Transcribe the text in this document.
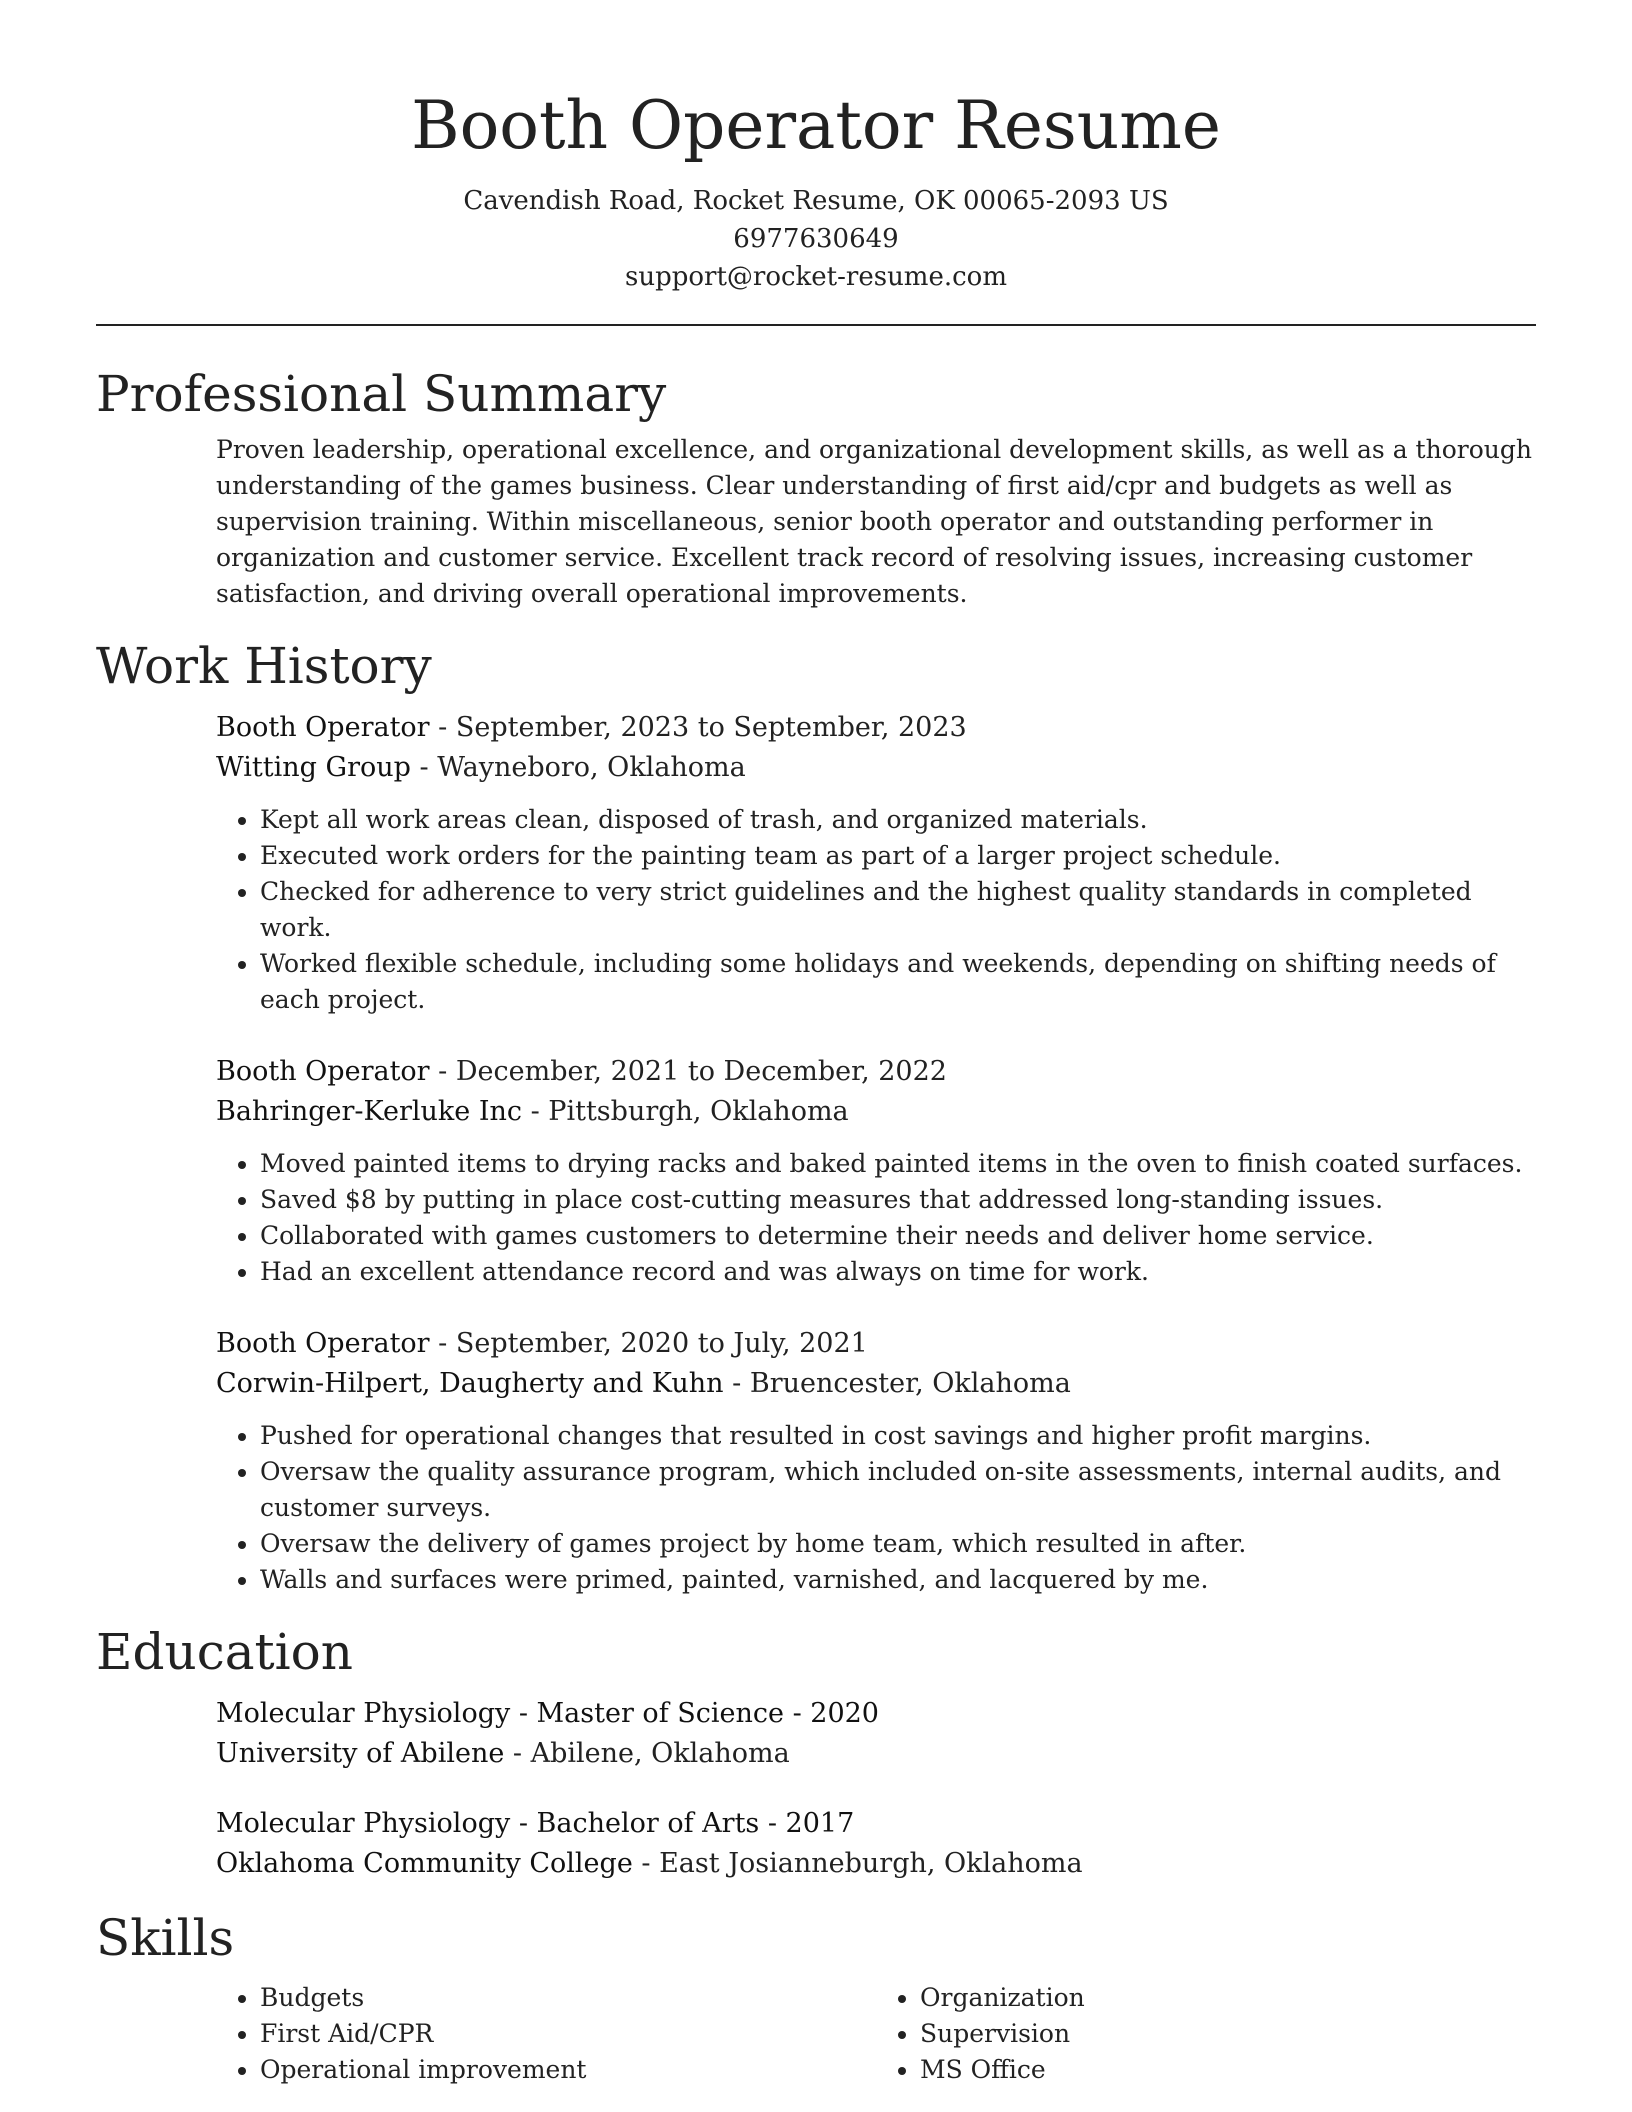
Booth Operator Resume
Cavendish Road, Rocket Resume, OK 00065-2093 US
6977630649
support@rocket-resume.com
Professional Summary
Proven leadership, operational excellence, and organizational development skills, as well as a thorough understanding of the games business. Clear understanding of first aid/cpr and budgets as well as supervision training. Within miscellaneous, senior booth operator and outstanding performer in organization and customer service. Excellent track record of resolving issues, increasing customer satisfaction, and driving overall operational improvements.
Work History
Booth Operator - September, 2023 to September, 2023
Witting Group - Wayneboro, Oklahoma
• Kept all work areas clean, disposed of trash, and organized materials.
• Executed work orders for the painting team as part of a larger project schedule.
• Checked for adherence to very strict guidelines and the highest quality standards in completed work.
• Worked flexible schedule, including some holidays and weekends, depending on shifting needs of each project.
Booth Operator - December, 2021 to December, 2022
Bahringer-Kerluke Inc - Pittsburgh, Oklahoma
• Moved painted items to drying racks and baked painted items in the oven to finish coated surfaces.
• Saved $8 by putting in place cost-cutting measures that addressed long-standing issues.
• Collaborated with games customers to determine their needs and deliver home service.
• Had an excellent attendance record and was always on time for work.
Booth Operator - September, 2020 to July, 2021
Corwin-Hilpert, Daugherty and Kuhn - Bruencester, Oklahoma
• Pushed for operational changes that resulted in cost savings and higher profit margins.
• Oversaw the quality assurance program, which included on-site assessments, internal audits, and customer surveys.
• Oversaw the delivery of games project by home team, which resulted in after.
• Walls and surfaces were primed, painted, varnished, and lacquered by me.
Education
Molecular Physiology - Master of Science - 2020
University of Abilene - Abilene, Oklahoma
Molecular Physiology - Bachelor of Arts - 2017
Oklahoma Community College - East Josianneburgh, Oklahoma
Skills
• Budgets
• First Aid/CPR
• Operational improvement
• Organization
• Supervision
• MS Office
